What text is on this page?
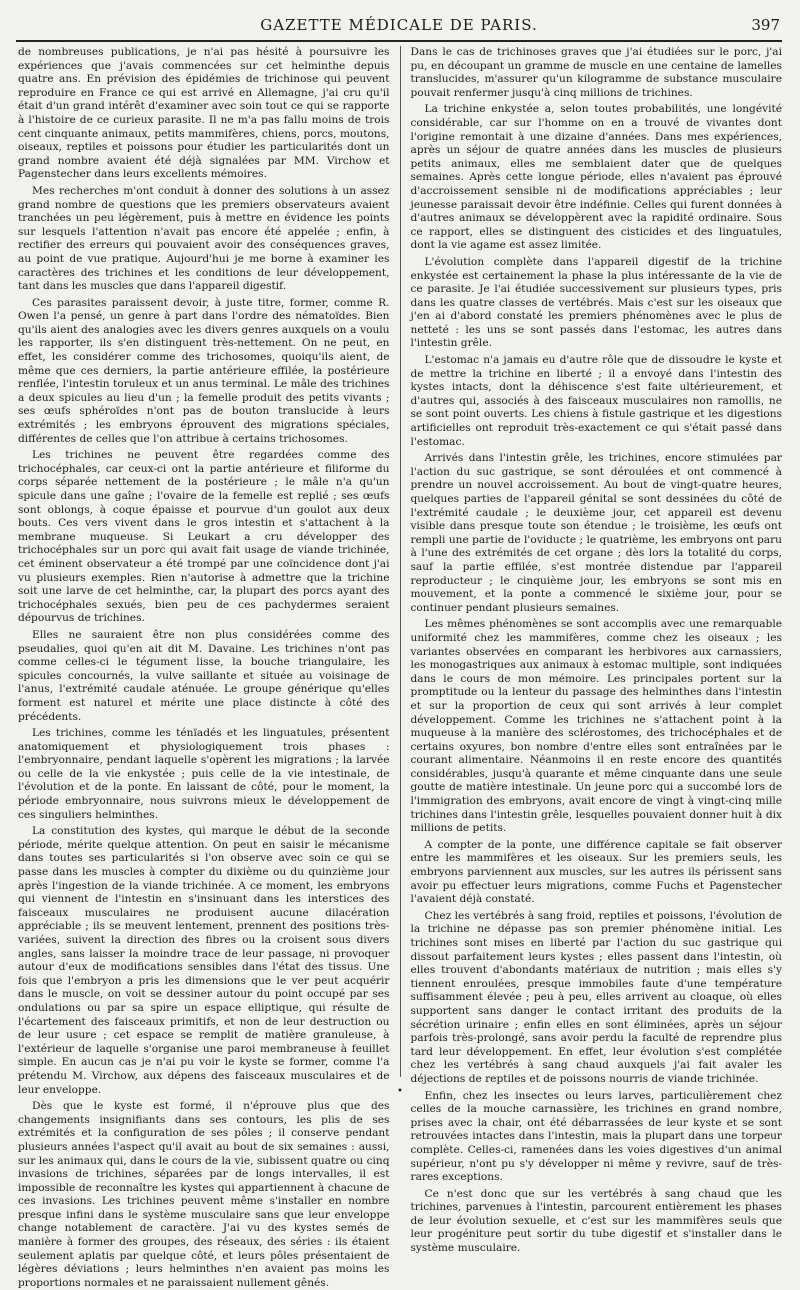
GAZETTE MÉDICALE DE PARIS.	397

de nombreuses publications, je n'ai pas hésité à poursuivre les expériences que j'avais commencées sur cet helminthe depuis quatre ans. En prévision des épidémies de trichinose qui peuvent reproduire en France ce qui est arrivé en Allemagne, j'ai cru qu'il était d'un grand intérêt d'examiner avec soin tout ce qui se rapporte à l'histoire de ce curieux parasite. Il ne m'a pas fallu moins de trois cent cinquante animaux, petits mammifères, chiens, porcs, moutons, oiseaux, reptiles et poissons pour étudier les particularités dont un grand nombre avaient été déjà signalées par MM. Virchow et Pagenstecher dans leurs excellents mémoires.

Mes recherches m'ont conduit à donner des solutions à un assez grand nombre de questions que les premiers observateurs avaient tranchées un peu légèrement, puis à mettre en évidence les points sur lesquels l'attention n'avait pas encore été appelée ; enfin, à rectifier des erreurs qui pouvaient avoir des conséquences graves, au point de vue pratique. Aujourd'hui je me borne à examiner les caractères des trichines et les conditions de leur développement, tant dans les muscles que dans l'appareil digestif.

Ces parasites paraissent devoir, à juste titre, former, comme R. Owen l'a pensé, un genre à part dans l'ordre des nématoïdes. Bien qu'ils aient des analogies avec les divers genres auxquels on a voulu les rapporter, ils s'en distinguent très-nettement. On ne peut, en effet, les considérer comme des trichosomes, quoiqu'ils aient, de même que ces derniers, la partie antérieure effilée, la postérieure renflée, l'intestin toruleux et un anus terminal. Le mâle des trichines a deux spicules au lieu d'un ; la femelle produit des petits vivants ; ses œufs sphéroïdes n'ont pas de bouton translucide à leurs extrémités ; les embryons éprouvent des migrations spéciales, différentes de celles que l'on attribue à certains trichosomes.

Les trichines ne peuvent être regardées comme des trichocéphales, car ceux-ci ont la partie antérieure et filiforme du corps séparée nettement de la postérieure ; le mâle n'a qu'un spicule dans une gaîne ; l'ovaire de la femelle est replié ; ses œufs sont oblongs, à coque épaisse et pourvue d'un goulot aux deux bouts. Ces vers vivent dans le gros intestin et s'attachent à la membrane muqueuse. Si Leukart a cru développer des trichocéphales sur un porc qui avait fait usage de viande trichinée, cet éminent observateur a été trompé par une coïncidence dont j'ai vu plusieurs exemples. Rien n'autorise à admettre que la trichine soit une larve de cet helminthe, car, la plupart des porcs ayant des trichocéphales sexués, bien peu de ces pachydermes seraient dépourvus de trichines.

Elles ne sauraient être non plus considérées comme des pseudalies, quoi qu'en ait dit M. Davaine. Les trichines n'ont pas comme celles-ci le tégument lisse, la bouche triangulaire, les spicules concournés, la vulve saillante et située au voisinage de l'anus, l'extrémité caudale aténuée. Le groupe générique qu'elles forment est naturel et mérite une place distincte à côté des précédents.

Les trichines, comme les ténïadés et les linguatules, présentent anatomiquement et physiologiquement trois phases : l'embryonnaire, pendant laquelle s'opèrent les migrations ; la larvée ou celle de la vie enkystée ; puis celle de la vie intestinale, de l'évolution et de la ponte. En laissant de côté, pour le moment, la période embryonnaire, nous suivrons mieux le développement de ces singuliers helminthes.

La constitution des kystes, qui marque le début de la seconde période, mérite quelque attention. On peut en saisir le mécanisme dans toutes ses particularités si l'on observe avec soin ce qui se passe dans les muscles à compter du dixième ou du quinzième jour après l'ingestion de la viande trichinée. A ce moment, les embryons qui viennent de l'intestin en s'insinuant dans les interstices des faisceaux musculaires ne produisent aucune dilacération appréciable ; ils se meuvent lentement, prennent des positions très-variées, suivent la direction des fibres ou la croisent sous divers angles, sans laisser la moindre trace de leur passage, ni provoquer autour d'eux de modifications sensibles dans l'état des tissus. Une fois que l'embryon a pris les dimensions que le ver peut acquérir dans le muscle, on voit se dessiner autour du point occupé par ses ondulations ou par sa spire un espace elliptique, qui résulte de l'écartement des faisceaux primitifs, et non de leur destruction ou de leur usure ; cet espace se remplit de matière granuleuse, à l'extérieur de laquelle s'organise une paroi membraneuse à feuillet simple. En aucun cas je n'ai pu voir le kyste se former, comme l'a prétendu M. Virchow, aux dépens des faisceaux musculaires et de leur enveloppe.

Dès que le kyste est formé, il n'éprouve plus que des changements insignifiants dans ses contours, les plis de ses extrémités et la configuration de ses pôles ; il conserve pendant plusieurs années l'aspect qu'il avait au bout de six semaines : aussi, sur les animaux qui, dans le cours de la vie, subissent quatre ou cinq invasions de trichines, séparées par de longs intervalles, il est impossible de reconnaître les kystes qui appartiennent à chacune de ces invasions. Les trichines peuvent même s'installer en nombre presque infini dans le système musculaire sans que leur enveloppe change notablement de caractère. J'ai vu des kystes semés de manière à former des groupes, des réseaux, des séries : ils étaient seulement aplatis par quelque côté, et leurs pôles présentaient de légères déviations ; leurs helminthes n'en avaient pas moins les proportions normales et ne paraissaient nullement gênés.

Dans le cas de trichinoses graves que j'ai étudiées sur le porc, j'ai pu, en découpant un gramme de muscle en une centaine de lamelles translucides, m'assurer qu'un kilogramme de substance musculaire pouvait renfermer jusqu'à cinq millions de trichines.

La trichine enkystée a, selon toutes probabilités, une longévité considérable, car sur l'homme on en a trouvé de vivantes dont l'origine remontait à une dizaine d'années. Dans mes expériences, après un séjour de quatre années dans les muscles de plusieurs petits animaux, elles me semblaient dater que de quelques semaines. Après cette longue période, elles n'avaient pas éprouvé d'accroissement sensible ni de modifications appréciables ; leur jeunesse paraissait devoir être indéfinie. Celles qui furent données à d'autres animaux se développèrent avec la rapidité ordinaire. Sous ce rapport, elles se distinguent des cisticides et des linguatules, dont la vie agame est assez limitée.

L'évolution complète dans l'appareil digestif de la trichine enkystée est certainement la phase la plus intéressante de la vie de ce parasite. Je l'ai étudiée successivement sur plusieurs types, pris dans les quatre classes de vertébrés. Mais c'est sur les oiseaux que j'en ai d'abord constaté les premiers phénomènes avec le plus de netteté : les uns se sont passés dans l'estomac, les autres dans l'intestin grêle.

L'estomac n'a jamais eu d'autre rôle que de dissoudre le kyste et de mettre la trichine en liberté ; il a envoyé dans l'intestin des kystes intacts, dont la déhiscence s'est faite ultérieurement, et d'autres qui, associés à des faisceaux musculaires non ramollis, ne se sont point ouverts. Les chiens à fistule gastrique et les digestions artificielles ont reproduit très-exactement ce qui s'était passé dans l'estomac.

Arrivés dans l'intestin grêle, les trichines, encore stimulées par l'action du suc gastrique, se sont déroulées et ont commencé à prendre un nouvel accroissement. Au bout de vingt-quatre heures, quelques parties de l'appareil génital se sont dessinées du côté de l'extrémité caudale ; le deuxième jour, cet appareil est devenu visible dans presque toute son étendue ; le troisième, les œufs ont rempli une partie de l'oviducte ; le quatrième, les embryons ont paru à l'une des extrémités de cet organe ; dès lors la totalité du corps, sauf la partie effilée, s'est montrée distendue par l'appareil reproducteur ; le cinquième jour, les embryons se sont mis en mouvement, et la ponte a commencé le sixième jour, pour se continuer pendant plusieurs semaines.

Les mêmes phénomènes se sont accomplis avec une remarquable uniformité chez les mammifères, comme chez les oiseaux ; les variantes observées en comparant les herbivores aux carnassiers, les monogastriques aux animaux à estomac multiple, sont indiquées dans le cours de mon mémoire. Les principales portent sur la promptitude ou la lenteur du passage des helminthes dans l'intestin et sur la proportion de ceux qui sont arrivés à leur complet développement. Comme les trichines ne s'attachent point à la muqueuse à la manière des sclérostomes, des trichocéphales et de certains oxyures, bon nombre d'entre elles sont entraînées par le courant alimentaire. Néanmoins il en reste encore des quantités considérables, jusqu'à quarante et même cinquante dans une seule goutte de matière intestinale. Un jeune porc qui a succombé lors de l'immigration des embryons, avait encore de vingt à vingt-cinq mille trichines dans l'intestin grêle, lesquelles pouvaient donner huit à dix millions de petits.

A compter de la ponte, une différence capitale se fait observer entre les mammifères et les oiseaux. Sur les premiers seuls, les embryons parviennent aux muscles, sur les autres ils périssent sans avoir pu effectuer leurs migrations, comme Fuchs et Pagenstecher l'avaient déjà constaté.

Chez les vertébrés à sang froid, reptiles et poissons, l'évolution de la trichine ne dépasse pas son premier phénomène initial. Les trichines sont mises en liberté par l'action du suc gastrique qui dissout parfaitement leurs kystes ; elles passent dans l'intestin, où elles trouvent d'abondants matériaux de nutrition ; mais elles s'y tiennent enroulées, presque immobiles faute d'une température suffisamment élevée ; peu à peu, elles arrivent au cloaque, où elles supportent sans danger le contact irritant des produits de la sécrétion urinaire ; enfin elles en sont éliminées, après un séjour parfois très-prolongé, sans avoir perdu la faculté de reprendre plus tard leur développement. En effet, leur évolution s'est complétée chez les vertébrés à sang chaud auxquels j'ai fait avaler les déjections de reptiles et de poissons nourris de viande trichinée.

Enfin, chez les insectes ou leurs larves, particulièrement chez celles de la mouche carnassière, les trichines en grand nombre, prises avec la chair, ont été débarrassées de leur kyste et se sont retrouvées intactes dans l'intestin, mais la plupart dans une torpeur complète. Celles-ci, ramenées dans les voies digestives d'un animal supérieur, n'ont pu s'y développer ni même y revivre, sauf de très-rares exceptions.

Ce n'est donc que sur les vertébrés à sang chaud que les trichines, parvenues à l'intestin, parcourent entièrement les phases de leur évolution sexuelle, et c'est sur les mammifères seuls que leur progéniture peut sortir du tube digestif et s'installer dans le système musculaire.

•
